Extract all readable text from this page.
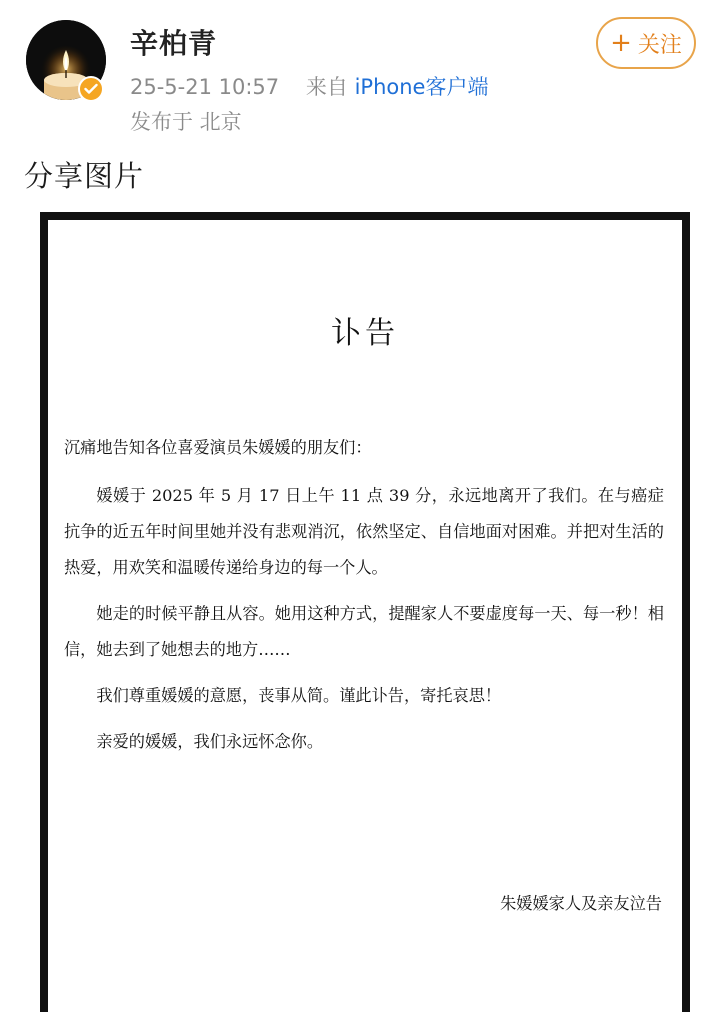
辛柏青
25-5-21 10:57 来自 iPhone客户端
发布于 北京
+ 关注
分享图片
讣告

沉痛地告知各位喜爱演员朱媛媛的朋友们：

媛媛于 2025 年 5 月 17 日上午 11 点 39 分，永远地离开了我们。在与癌症抗争的近五年时间里她并没有悲观消沉，依然坚定、自信地面对困难。并把对生活的热爱，用欢笑和温暖传递给身边的每一个人。

她走的时候平静且从容。她用这种方式，提醒家人不要虚度每一天、每一秒！相信，她去到了她想去的地方……

我们尊重媛媛的意愿，丧事从简。谨此讣告，寄托哀思！

亲爱的媛媛，我们永远怀念你。

朱媛媛家人及亲友泣告
